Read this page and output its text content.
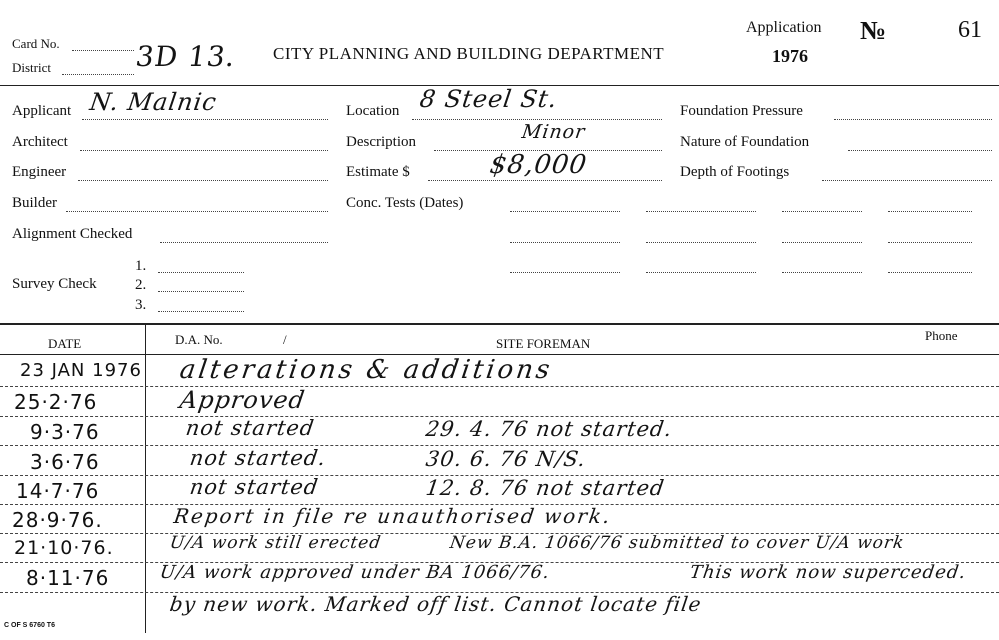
Card No.
District	3D 13. CITY PLANNING AND BUILDING DEPARTMENT
Application
1976
№	61
Applicant N. Malnic
Architect
Engineer
Builder
Alignment Checked
Survey Check
1.
2.
3.
Location 8 Steel St.
Description	Minor
Estimate $	$8,000
Conc. Tests (Dates)
Foundation Pressure
Nature of Foundation
Depth of Footings
DATE	D.A. No.	/	SITE FOREMAN
Phone
23 JAN 1976 alterations & additions
25·2·76	Approved
9·3·76	not started	29. 4. 76 not started.
3·6·76	not started.	30. 6. 76 N/S.
14·7·76	not started	12. 8. 76 not started
28·9·76.	Report in file re unauthorised work.
21·10·76.	U/A work still erected	New B.A. 1066/76 submitted to cover U/A work
8·11·76	U/A work approved under BA 1066/76.	This work now superceded.
by new work. Marked off list. Cannot locate file
C OF S 6760 T6
